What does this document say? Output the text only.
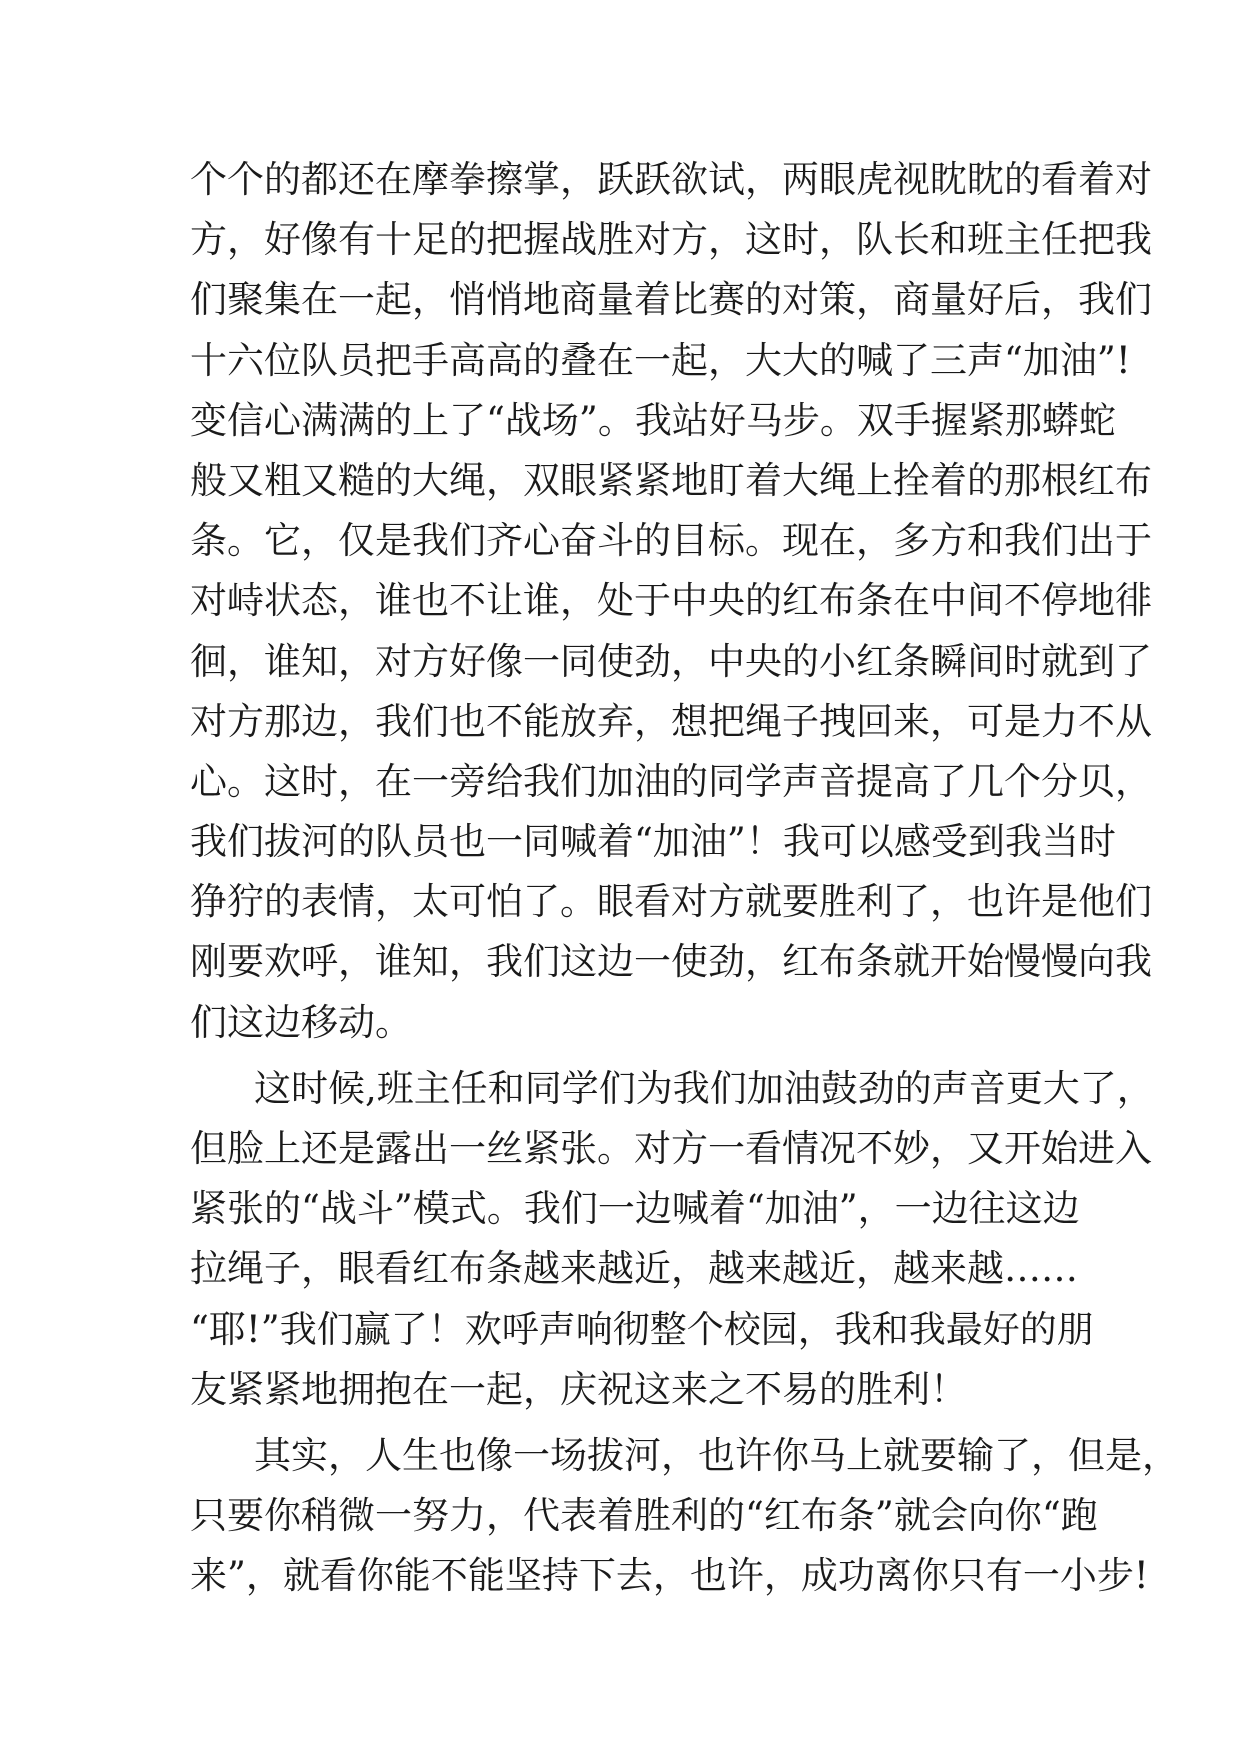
个个的都还在摩拳擦掌，跃跃欲试，两眼虎视眈眈的看着对
方，好像有十足的把握战胜对方，这时，队长和班主任把我
们聚集在一起，悄悄地商量着比赛的对策，商量好后，我们
十六位队员把手高高的叠在一起，大大的喊了三声“加油”!
变信心满满的上了“战场”。我站好马步。双手握紧那蟒蛇
般又粗又糙的大绳，双眼紧紧地盯着大绳上拴着的那根红布
条。它，仅是我们齐心奋斗的目标。现在，多方和我们出于
对峙状态，谁也不让谁，处于中央的红布条在中间不停地徘
徊，谁知，对方好像一同使劲，中央的小红条瞬间时就到了
对方那边，我们也不能放弃，想把绳子拽回来，可是力不从
心。这时，在一旁给我们加油的同学声音提高了几个分贝，
我们拔河的队员也一同喊着“加油”！我可以感受到我当时
狰狞的表情，太可怕了。眼看对方就要胜利了，也许是他们
刚要欢呼，谁知，我们这边一使劲，红布条就开始慢慢向我
们这边移动。
这时候,班主任和同学们为我们加油鼓劲的声音更大了，
但脸上还是露出一丝紧张。对方一看情况不妙，又开始进入
紧张的“战斗”模式。我们一边喊着“加油”，一边往这边
拉绳子，眼看红布条越来越近，越来越近，越来越……
“耶!”我们赢了！欢呼声响彻整个校园，我和我最好的朋
友紧紧地拥抱在一起，庆祝这来之不易的胜利！
其实，人生也像一场拔河，也许你马上就要输了，但是，
只要你稍微一努力，代表着胜利的“红布条”就会向你“跑
来”，就看你能不能坚持下去，也许，成功离你只有一小步!
